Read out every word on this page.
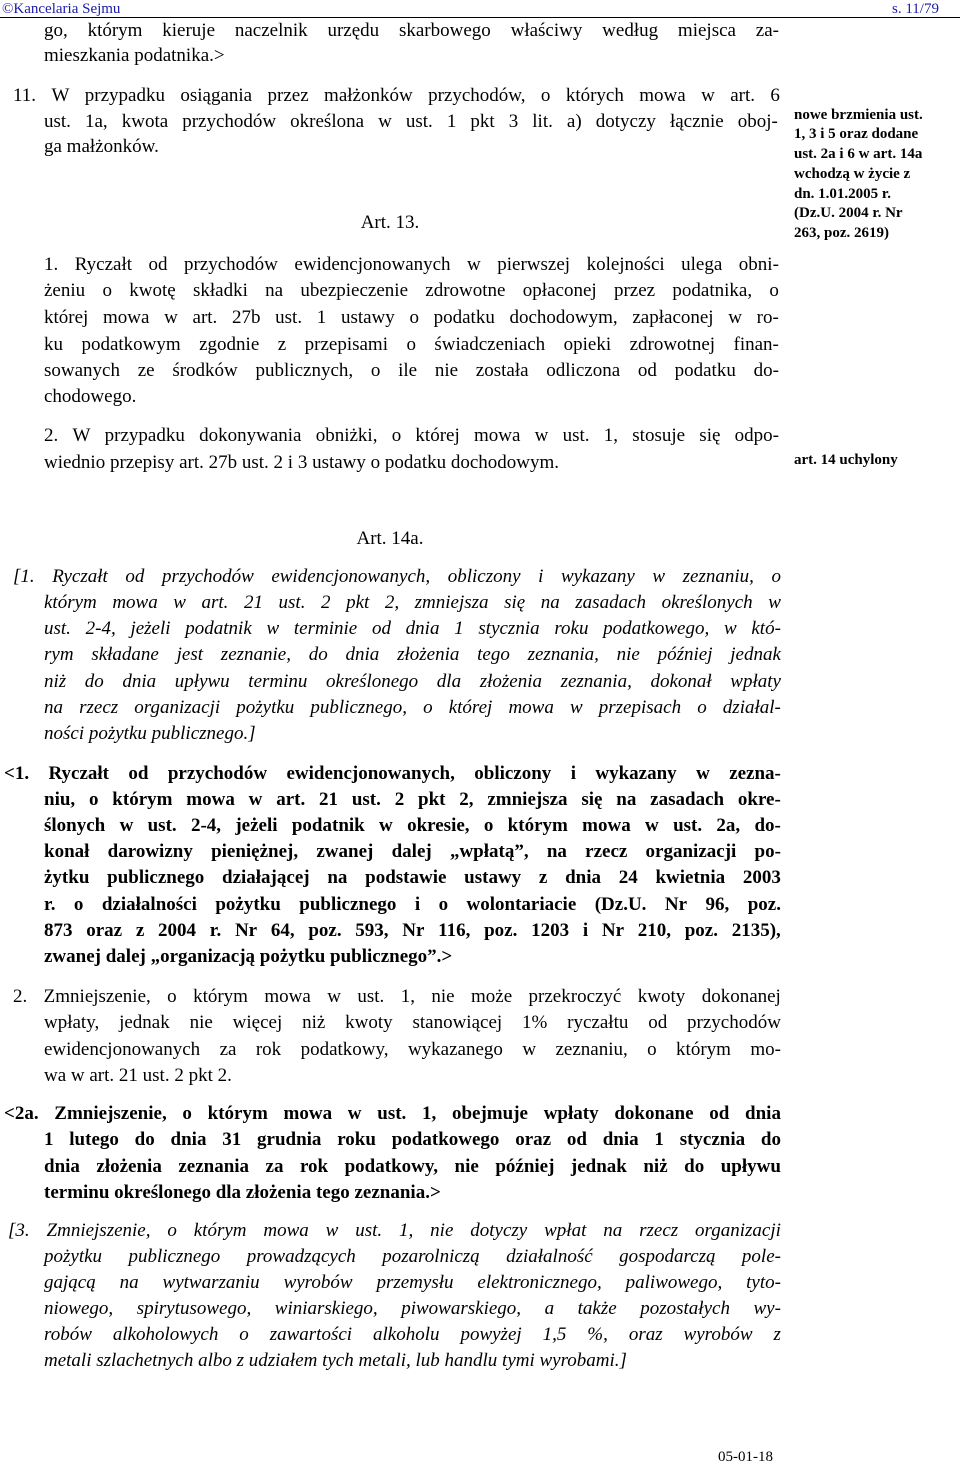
©Kancelaria Sejmu	s. 11/79
go, którym kieruje naczelnik urzędu skarbowego właściwy według miejsca za-
mieszkania podatnika.>
11. W przypadku osiągania przez małżonków przychodów, o których mowa w art. 6
ust. 1a, kwota przychodów określona w ust. 1 pkt 3 lit. a) dotyczy łącznie oboj-
ga małżonków.
Art. 13.
1. Ryczałt od przychodów ewidencjonowanych w pierwszej kolejności ulega obni-
żeniu o kwotę składki na ubezpieczenie zdrowotne opłaconej przez podatnika, o
której mowa w art. 27b ust. 1 ustawy o podatku dochodowym, zapłaconej w ro-
ku podatkowym zgodnie z przepisami o świadczeniach opieki zdrowotnej finan-
sowanych ze środków publicznych, o ile nie została odliczona od podatku do-
chodowego.
2. W przypadku dokonywania obniżki, o której mowa w ust. 1, stosuje się odpo-
wiednio przepisy art. 27b ust. 2 i 3 ustawy o podatku dochodowym.
Art. 14a.
[1. Ryczałt od przychodów ewidencjonowanych, obliczony i wykazany w zeznaniu, o
którym mowa w art. 21 ust. 2 pkt 2, zmniejsza się na zasadach określonych w
ust. 2-4, jeżeli podatnik w terminie od dnia 1 stycznia roku podatkowego, w któ-
rym składane jest zeznanie, do dnia złożenia tego zeznania, nie później jednak
niż do dnia upływu terminu określonego dla złożenia zeznania, dokonał wpłaty
na rzecz organizacji pożytku publicznego, o której mowa w przepisach o działal-
ności pożytku publicznego.]
<1. Ryczałt od przychodów ewidencjonowanych, obliczony i wykazany w zezna-
niu, o którym mowa w art. 21 ust. 2 pkt 2, zmniejsza się na zasadach okre-
ślonych w ust. 2-4, jeżeli podatnik w okresie, o którym mowa w ust. 2a, do-
konał darowizny pieniężnej, zwanej dalej „wpłatą”, na rzecz organizacji po-
żytku publicznego działającej na podstawie ustawy z dnia 24 kwietnia 2003
r. o działalności pożytku publicznego i o wolontariacie (Dz.U. Nr 96, poz.
873 oraz z 2004 r. Nr 64, poz. 593, Nr 116, poz. 1203 i Nr 210, poz. 2135),
zwanej dalej „organizacją pożytku publicznego”.>
2. Zmniejszenie, o którym mowa w ust. 1, nie może przekroczyć kwoty dokonanej
wpłaty, jednak nie więcej niż kwoty stanowiącej 1% ryczałtu od przychodów
ewidencjonowanych za rok podatkowy, wykazanego w zeznaniu, o którym mo-
wa w art. 21 ust. 2 pkt 2.
<2a. Zmniejszenie, o którym mowa w ust. 1, obejmuje wpłaty dokonane od dnia
1 lutego do dnia 31 grudnia roku podatkowego oraz od dnia 1 stycznia do
dnia złożenia zeznania za rok podatkowy, nie później jednak niż do upływu
terminu określonego dla złożenia tego zeznania.>
[3. Zmniejszenie, o którym mowa w ust. 1, nie dotyczy wpłat na rzecz organizacji
pożytku publicznego prowadzących pozarolniczą działalność gospodarczą pole-
gającą na wytwarzaniu wyrobów przemysłu elektronicznego, paliwowego, tyto-
niowego, spirytusowego, winiarskiego, piwowarskiego, a także pozostałych wy-
robów alkoholowych o zawartości alkoholu powyżej 1,5 %, oraz wyrobów z
metali szlachetnych albo z udziałem tych metali, lub handlu tymi wyrobami.]
nowe brzmienia ust.
1, 3 i 5 oraz dodane
ust. 2a i 6 w art. 14a
wchodzą w życie z
dn. 1.01.2005 r.
(Dz.U. 2004 r. Nr
263, poz. 2619)
art. 14 uchylony
05-01-18
